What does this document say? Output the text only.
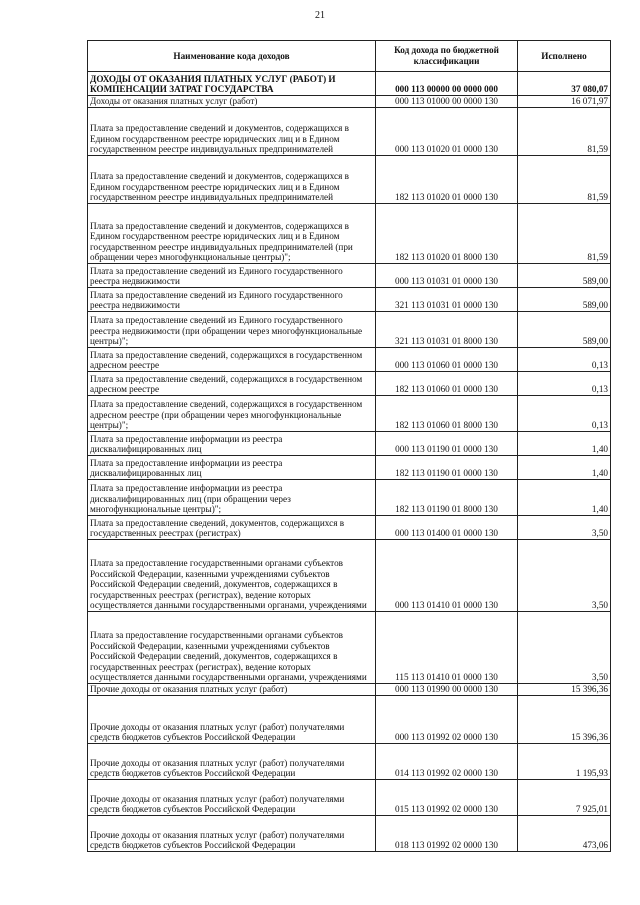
21
Наименование кода доходов	Код дохода по бюджетной классификации	Исполнено
ДОХОДЫ ОТ ОКАЗАНИЯ ПЛАТНЫХ УСЛУГ (РАБОТ) И КОМПЕНСАЦИИ ЗАТРАТ ГОСУДАРСТВА	000 113 00000 00 0000 000	37 080,07
Доходы от оказания платных услуг (работ)	000 113 01000 00 0000 130	16 071,97
Плата за предоставление сведений и документов, содержащихся в Едином государственном реестре юридических лиц и в Едином государственном реестре индивидуальных предпринимателей	000 113 01020 01 0000 130	81,59
Плата за предоставление сведений и документов, содержащихся в Едином государственном реестре юридических лиц и в Едином государственном реестре индивидуальных предпринимателей	182 113 01020 01 0000 130	81,59
Плата за предоставление сведений и документов, содержащихся в Едином государственном реестре юридических лиц и в Едином государственном реестре индивидуальных предпринимателей (при обращении через многофункциональные центры)";	182 113 01020 01 8000 130	81,59
Плата за предоставление сведений из Единого государственного реестра недвижимости	000 113 01031 01 0000 130	589,00
Плата за предоставление сведений из Единого государственного реестра недвижимости	321 113 01031 01 0000 130	589,00
Плата за предоставление сведений из Единого государственного реестра недвижимости (при обращении через многофункциональные центры)";	321 113 01031 01 8000 130	589,00
Плата за предоставление сведений, содержащихся в государственном адресном реестре	000 113 01060 01 0000 130	0,13
Плата за предоставление сведений, содержащихся в государственном адресном реестре	182 113 01060 01 0000 130	0,13
Плата за предоставление сведений, содержащихся в государственном адресном реестре (при обращении через многофункциональные центры)";	182 113 01060 01 8000 130	0,13
Плата за предоставление информации из реестра дисквалифицированных лиц	000 113 01190 01 0000 130	1,40
Плата за предоставление информации из реестра дисквалифицированных лиц	182 113 01190 01 0000 130	1,40
Плата за предоставление информации из реестра дисквалифицированных лиц (при обращении через многофункциональные центры)";	182 113 01190 01 8000 130	1,40
Плата за предоставление сведений, документов, содержащихся в государственных реестрах (регистрах)	000 113 01400 01 0000 130	3,50
Плата за предоставление государственными органами субъектов Российской Федерации, казенными учреждениями субъектов Российской Федерации сведений, документов, содержащихся в государственных реестрах (регистрах), ведение которых осуществляется данными государственными органами, учреждениями	000 113 01410 01 0000 130	3,50
Плата за предоставление государственными органами субъектов Российской Федерации, казенными учреждениями субъектов Российской Федерации сведений, документов, содержащихся в государственных реестрах (регистрах), ведение которых осуществляется данными государственными органами, учреждениями	115 113 01410 01 0000 130	3,50
Прочие доходы от оказания платных услуг (работ)	000 113 01990 00 0000 130	15 396,36
Прочие доходы от оказания платных услуг (работ) получателями средств бюджетов субъектов Российской Федерации	000 113 01992 02 0000 130	15 396,36
Прочие доходы от оказания платных услуг (работ) получателями средств бюджетов субъектов Российской Федерации	014 113 01992 02 0000 130	1 195,93
Прочие доходы от оказания платных услуг (работ) получателями средств бюджетов субъектов Российской Федерации	015 113 01992 02 0000 130	7 925,01
Прочие доходы от оказания платных услуг (работ) получателями средств бюджетов субъектов Российской Федерации	018 113 01992 02 0000 130	473,06
